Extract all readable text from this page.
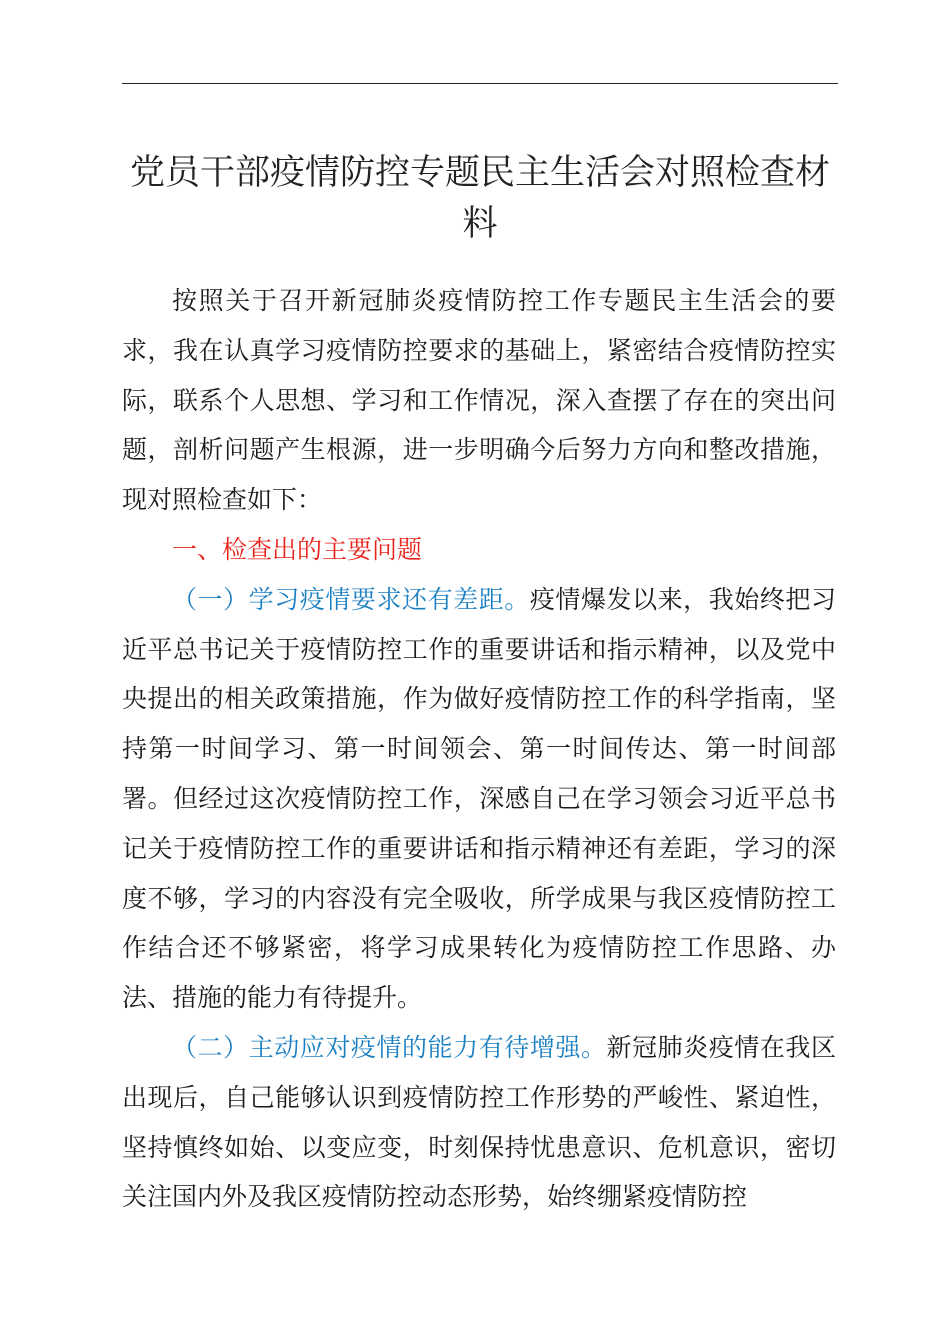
党员干部疫情防控专题民主生活会对照检查材料

按照关于召开新冠肺炎疫情防控工作专题民主生活会的要求，我在认真学习疫情防控要求的基础上，紧密结合疫情防控实际，联系个人思想、学习和工作情况，深入查摆了存在的突出问题，剖析问题产生根源，进一步明确今后努力方向和整改措施，现对照检查如下：

一、检查出的主要问题

（一）学习疫情要求还有差距。疫情爆发以来，我始终把习近平总书记关于疫情防控工作的重要讲话和指示精神，以及党中央提出的相关政策措施，作为做好疫情防控工作的科学指南，坚持第一时间学习、第一时间领会、第一时间传达、第一时间部署。但经过这次疫情防控工作，深感自己在学习领会习近平总书记关于疫情防控工作的重要讲话和指示精神还有差距，学习的深度不够，学习的内容没有完全吸收，所学成果与我区疫情防控工作结合还不够紧密，将学习成果转化为疫情防控工作思路、办法、措施的能力有待提升。

（二）主动应对疫情的能力有待增强。新冠肺炎疫情在我区出现后，自己能够认识到疫情防控工作形势的严峻性、紧迫性，坚持慎终如始、以变应变，时刻保持忧患意识、危机意识，密切关注国内外及我区疫情防控动态形势，始终绷紧疫情防控
